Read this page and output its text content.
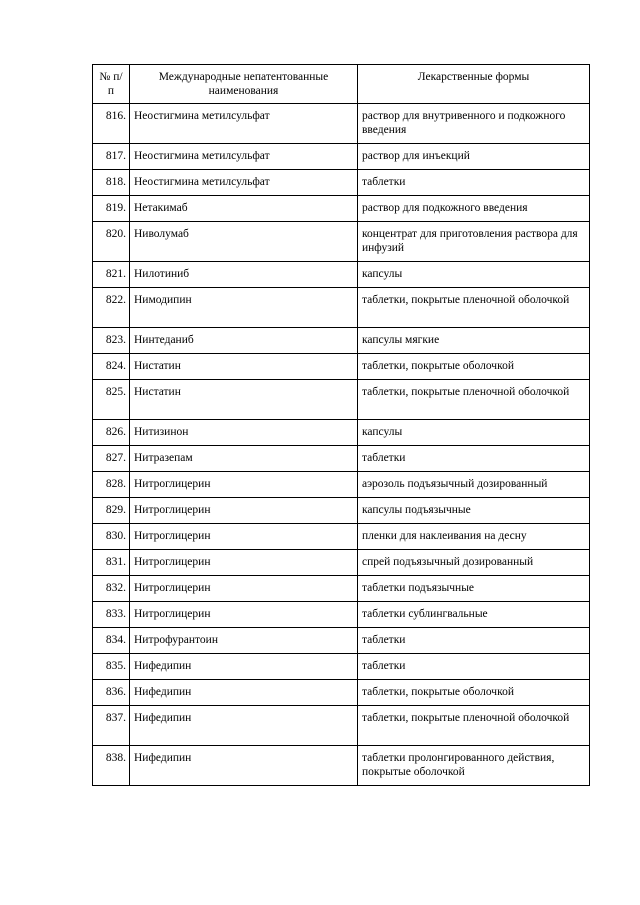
№ п/п	Международные непатентованные наименования	Лекарственные формы
816.	Неостигмина метилсульфат	раствор для внутривенного и подкожного введения
817.	Неостигмина метилсульфат	раствор для инъекций
818.	Неостигмина метилсульфат	таблетки
819.	Нетакимаб	раствор для подкожного введения
820.	Ниволумаб	концентрат для приготовления раствора для инфузий
821.	Нилотиниб	капсулы
822.	Нимодипин	таблетки, покрытые пленочной оболочкой
823.	Нинтеданиб	капсулы мягкие
824.	Нистатин	таблетки, покрытые оболочкой
825.	Нистатин	таблетки, покрытые пленочной оболочкой
826.	Нитизинон	капсулы
827.	Нитразепам	таблетки
828.	Нитроглицерин	аэрозоль подъязычный дозированный
829.	Нитроглицерин	капсулы подъязычные
830.	Нитроглицерин	пленки для наклеивания на десну
831.	Нитроглицерин	спрей подъязычный дозированный
832.	Нитроглицерин	таблетки подъязычные
833.	Нитроглицерин	таблетки сублингвальные
834.	Нитрофурантоин	таблетки
835.	Нифедипин	таблетки
836.	Нифедипин	таблетки, покрытые оболочкой
837.	Нифедипин	таблетки, покрытые пленочной оболочкой
838.	Нифедипин	таблетки пролонгированного действия, покрытые оболочкой
